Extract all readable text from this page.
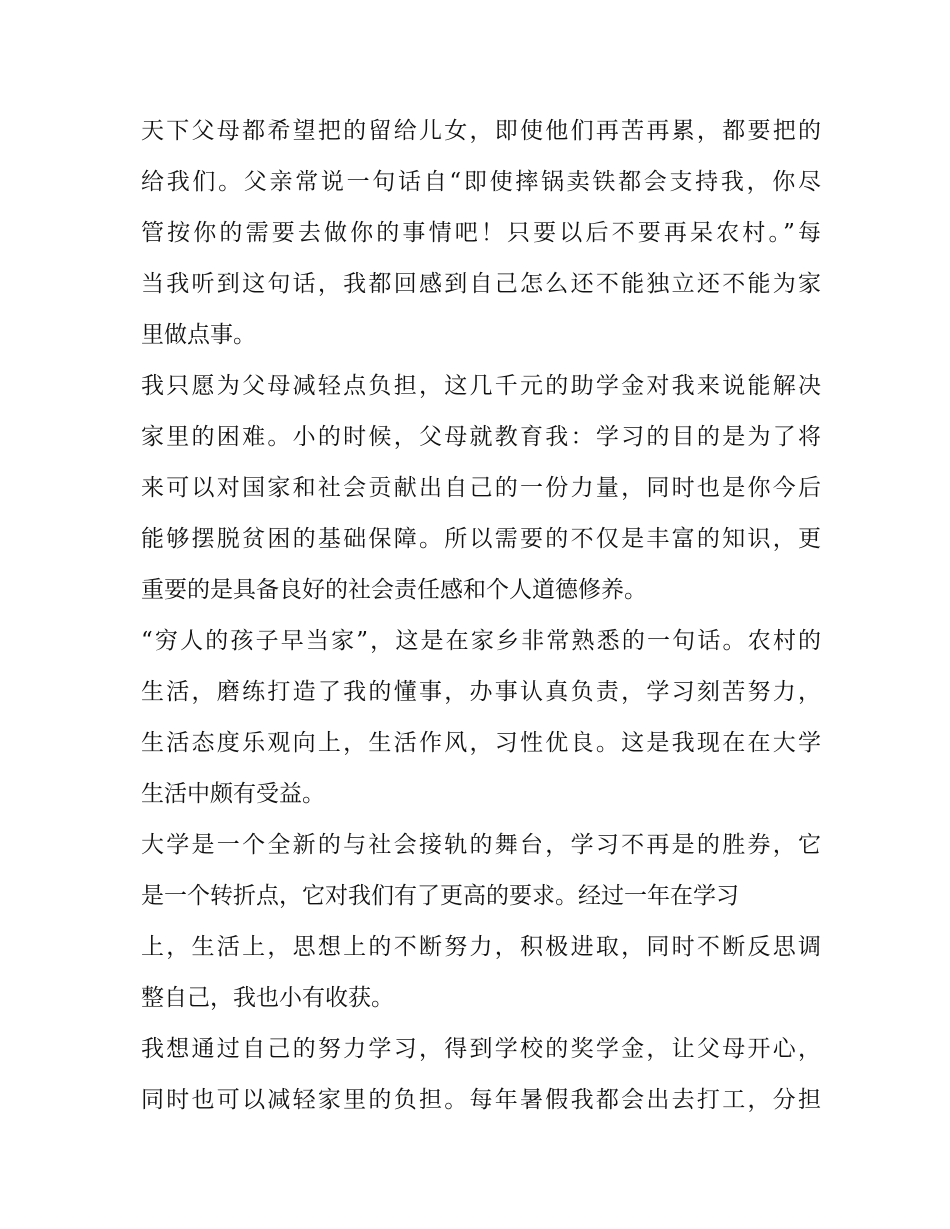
天下父母都希望把的留给儿女，即使他们再苦再累，都要把的
给我们。父亲常说一句话自“即使摔锅卖铁都会支持我，你尽
管按你的需要去做你的事情吧！只要以后不要再呆农村。”每
当我听到这句话，我都回感到自己怎么还不能独立还不能为家
里做点事。
我只愿为父母减轻点负担，这几千元的助学金对我来说能解决
家里的困难。小的时候，父母就教育我：学习的目的是为了将
来可以对国家和社会贡献出自己的一份力量，同时也是你今后
能够摆脱贫困的基础保障。所以需要的不仅是丰富的知识，更
重要的是具备良好的社会责任感和个人道德修养。
“穷人的孩子早当家”，这是在家乡非常熟悉的一句话。农村的
生活，磨练打造了我的懂事，办事认真负责，学习刻苦努力，
生活态度乐观向上，生活作风，习性优良。这是我现在在大学
生活中颇有受益。
大学是一个全新的与社会接轨的舞台，学习不再是的胜券，它
是一个转折点，它对我们有了更高的要求。经过一年在学习
上，生活上，思想上的不断努力，积极进取，同时不断反思调
整自己，我也小有收获。
我想通过自己的努力学习，得到学校的奖学金，让父母开心，
同时也可以减轻家里的负担。每年暑假我都会出去打工，分担
